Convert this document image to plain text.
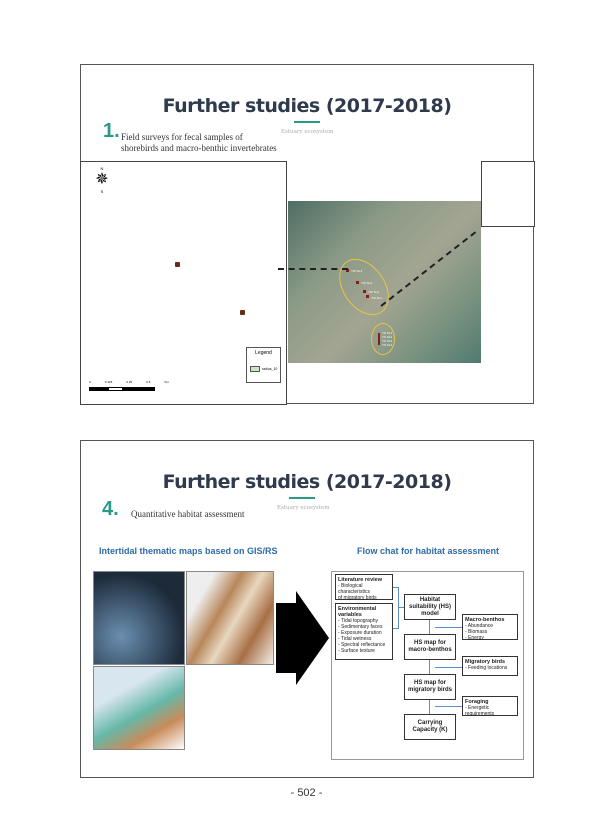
Further studies (2017-2018)
Estuary ecosystem
1. Field surveys for fecal samples of
shorebirds and macro-benthic invertebrates
N
✵
S
0	0.125	0.25	0.5	Km
Legend
radius_10
YW SL4
YW SL3
YW SL2
YW SL1
YS SL1
YS SL2
YS SL3
YS SL4
Further studies (2017-2018)
Estuary ecosystem
4. Quantitative habitat assessment
Intertidal thematic maps based on GIS/RS	Flow chat for habitat assessment
Literature review
- Biological characteristics
of migratory birds
Environmental variables
- Tidal topography
- Sedimentary faces
- Exposure duration
- Tidal wetness
- Spectral reflectance
- Surface texture
Habitat suitability (HS) model
HS map for macro-benthos
HS map for migratory birds
Carrying Capacity (K)
Macro-benthos
- Abundance
- Biomass
- Energy
Migratory birds
- Feeding locations
Foraging
- Energetic requirements
- 502 -
